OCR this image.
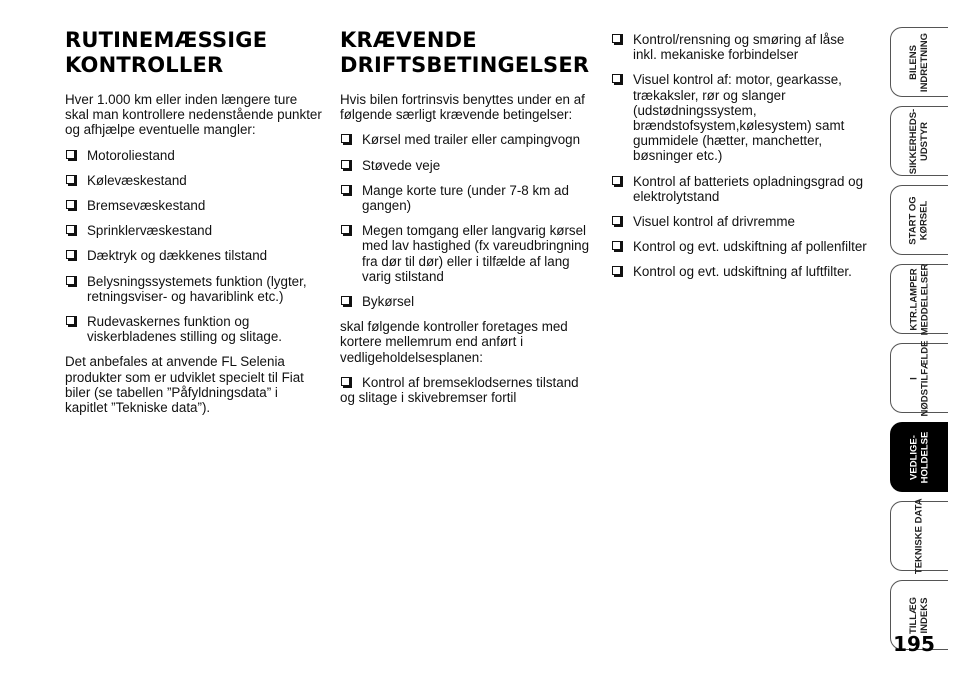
RUTINEMÆSSIGE
KONTROLLER

Hver 1.000 km eller inden længere ture skal man kontrollere nedenstående punkter og afhjælpe eventuelle mangler:

Motoroliestand
Kølevæskestand
Bremsevæskestand
Sprinklervæskestand
Dæktryk og dækkenes tilstand
Belysningssystemets funktion (lygter, retningsviser- og havariblink etc.)
Rudevaskernes funktion og viskerbladenes stilling og slitage.

Det anbefales at anvende FL Selenia produkter som er udviklet specielt til Fiat biler (se tabellen ”Påfyldningsdata” i kapitlet ”Tekniske data”).

KRÆVENDE
DRIFTSBETINGELSER

Hvis bilen fortrinsvis benyttes under en af følgende særligt krævende betingelser:

Kørsel med trailer eller campingvogn
Støvede veje
Mange korte ture (under 7-8 km ad gangen)
Megen tomgang eller langvarig kørsel med lav hastighed (fx vareudbringning fra dør til dør) eller i tilfælde af lang varig stilstand
Bykørsel

skal følgende kontroller foretages med kortere mellemrum end anført i vedligeholdelsesplanen:

Kontrol af bremseklodsernes tilstand og slitage i skivebremser fortil
Kontrol/rensning og smøring af låse inkl. mekaniske forbindelser
Visuel kontrol af: motor, gearkasse, trækaksler, rør og slanger (udstødningssystem, brændstofsystem,kølesystem) samt gummidele (hætter, manchetter, bøsninger etc.)
Kontrol af batteriets opladningsgrad og elektrolytstand
Visuel kontrol af drivremme
Kontrol og evt. udskiftning af pollenfilter
Kontrol og evt. udskiftning af luftfilter.
BILENS
INDRETNING
SIKKERHEDS-
UDSTYR
START OG
KØRSEL
KTR.LAMPER
MEDDELELSER
I
NØDSTILFÆLDE
VEDLIGE-
HOLDELSE
TEKNISKE DATA
TILLÆG
INDEKS
195
